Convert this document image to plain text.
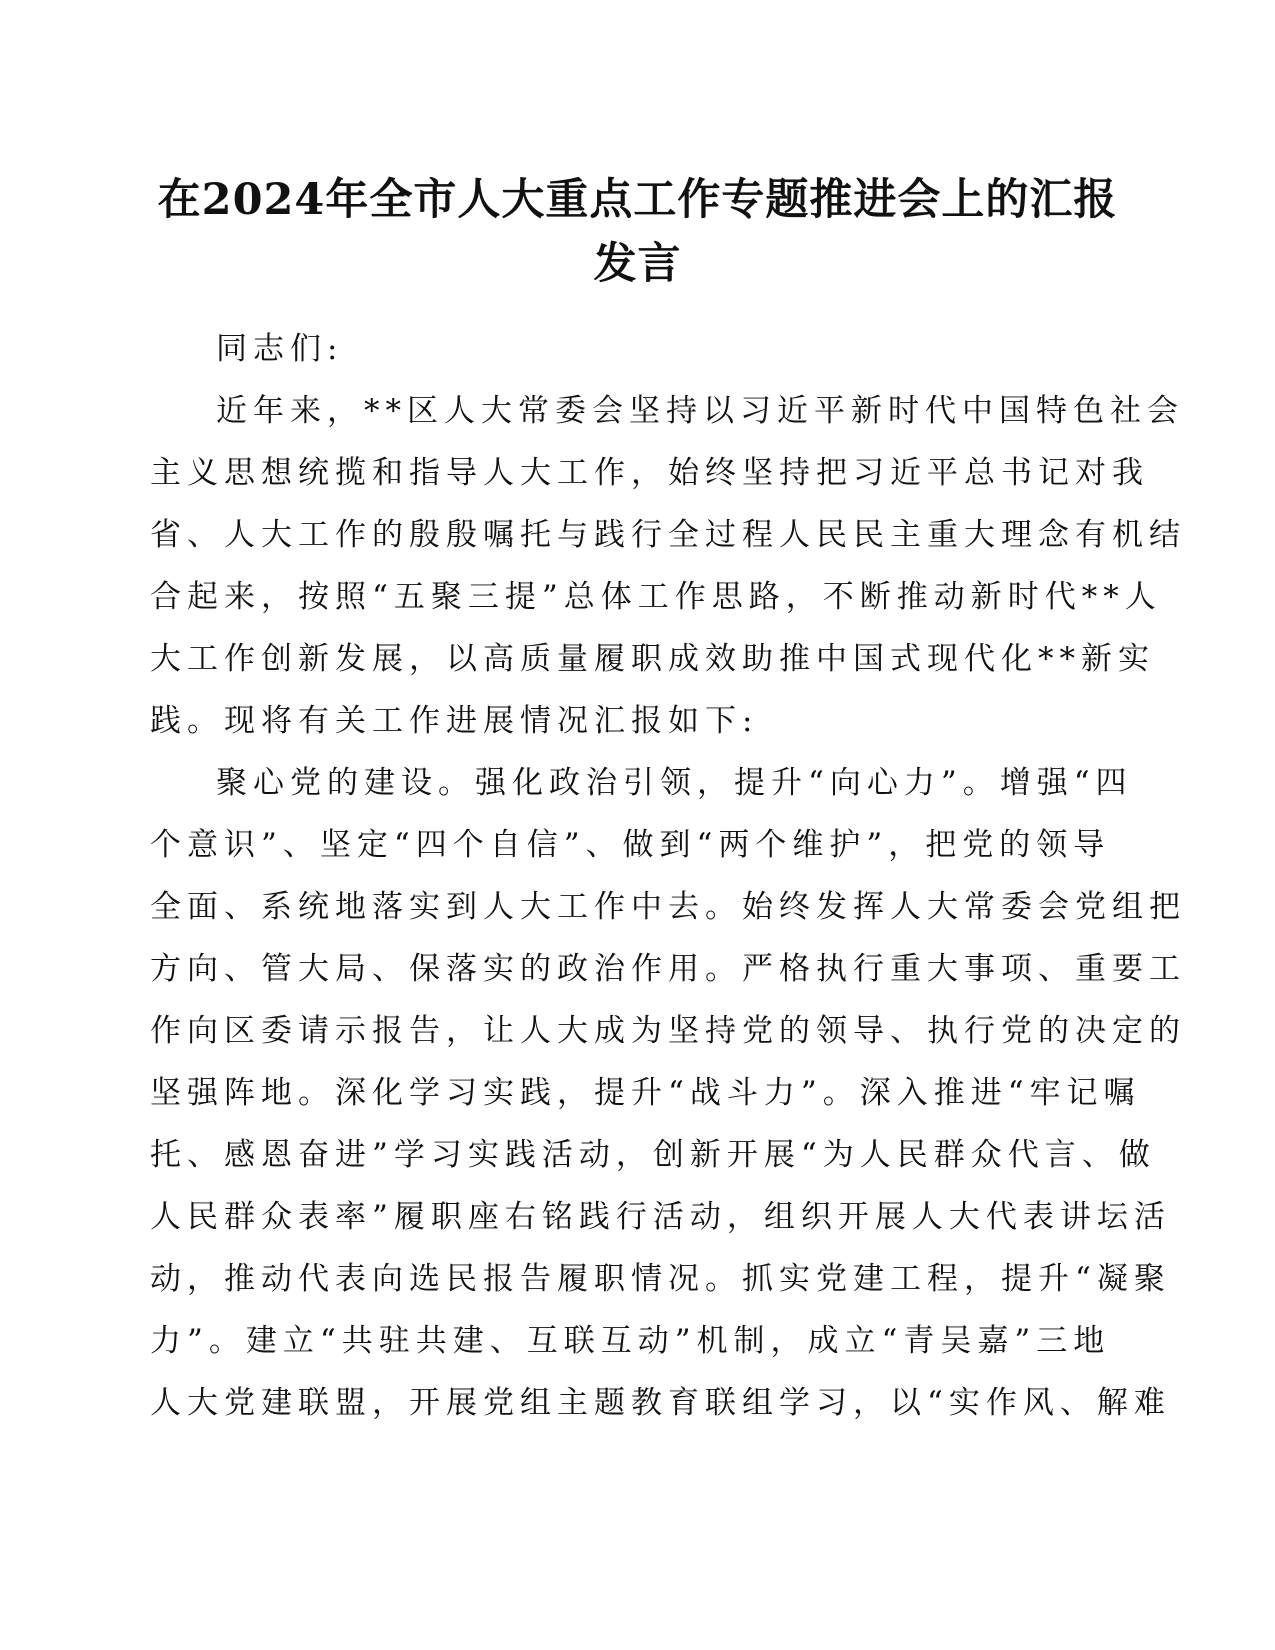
在2024年全市人大重点工作专题推进会上的汇报发言

同志们:

近年来，**区人大常委会坚持以习近平新时代中国特色社会
主义思想统揽和指导人大工作，始终坚持把习近平总书记对我
省、人大工作的殷殷嘱托与践行全过程人民民主重大理念有机结
合起来，按照“五聚三提”总体工作思路，不断推动新时代**人
大工作创新发展，以高质量履职成效助推中国式现代化**新实
践。现将有关工作进展情况汇报如下:

聚心党的建设。强化政治引领，提升“向心力”。增强“四
个意识”、坚定“四个自信”、做到“两个维护”，把党的领导
全面、系统地落实到人大工作中去。始终发挥人大常委会党组把
方向、管大局、保落实的政治作用。严格执行重大事项、重要工
作向区委请示报告，让人大成为坚持党的领导、执行党的决定的
坚强阵地。深化学习实践，提升“战斗力”。深入推进“牢记嘱
托、感恩奋进”学习实践活动，创新开展“为人民群众代言、做
人民群众表率”履职座右铭践行活动，组织开展人大代表讲坛活
动，推动代表向选民报告履职情况。抓实党建工程，提升“凝聚
力”。建立“共驻共建、互联互动”机制，成立“青吴嘉”三地
人大党建联盟，开展党组主题教育联组学习，以“实作风、解难
